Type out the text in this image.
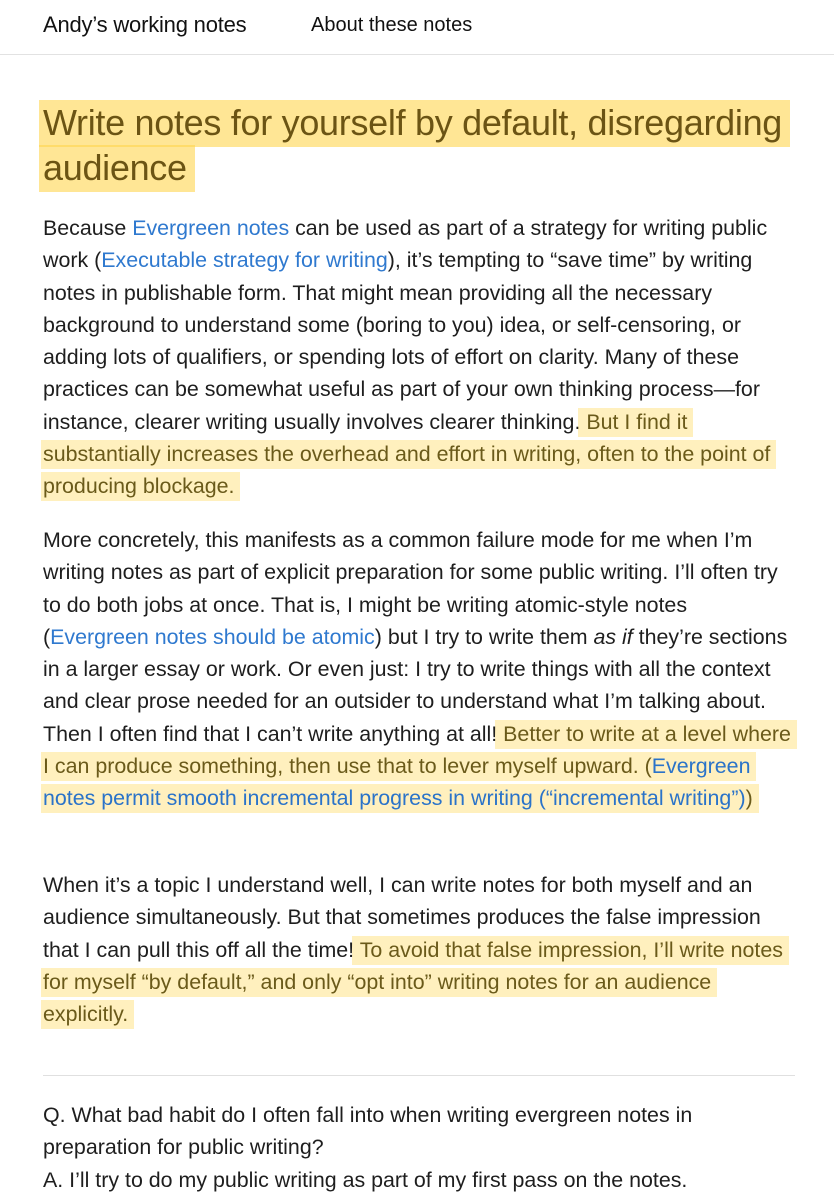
Andy’s working notes	About these notes
Write notes for yourself by default, disregarding audience

Because Evergreen notes can be used as part of a strategy for writing public work (Executable strategy for writing), it’s tempting to “save time” by writing notes in publishable form. That might mean providing all the necessary background to understand some (boring to you) idea, or self-censoring, or adding lots of qualifiers, or spending lots of effort on clarity. Many of these practices can be somewhat useful as part of your own thinking process—for instance, clearer writing usually involves clearer thinking. But I find it substantially increases the overhead and effort in writing, often to the point of producing blockage.

More concretely, this manifests as a common failure mode for me when I’m writing notes as part of explicit preparation for some public writing. I’ll often try to do both jobs at once. That is, I might be writing atomic-style notes (Evergreen notes should be atomic) but I try to write them as if they’re sections in a larger essay or work. Or even just: I try to write things with all the context and clear prose needed for an outsider to understand what I’m talking about. Then I often find that I can’t write anything at all! Better to write at a level where I can produce something, then use that to lever myself upward. (Evergreen notes permit smooth incremental progress in writing (“incremental writing”))

When it’s a topic I understand well, I can write notes for both myself and an audience simultaneously. But that sometimes produces the false impression that I can pull this off all the time! To avoid that false impression, I’ll write notes for myself “by default,” and only “opt into” writing notes for an audience explicitly.

Q. What bad habit do I often fall into when writing evergreen notes in preparation for public writing?
A. I’ll try to do my public writing as part of my first pass on the notes.
